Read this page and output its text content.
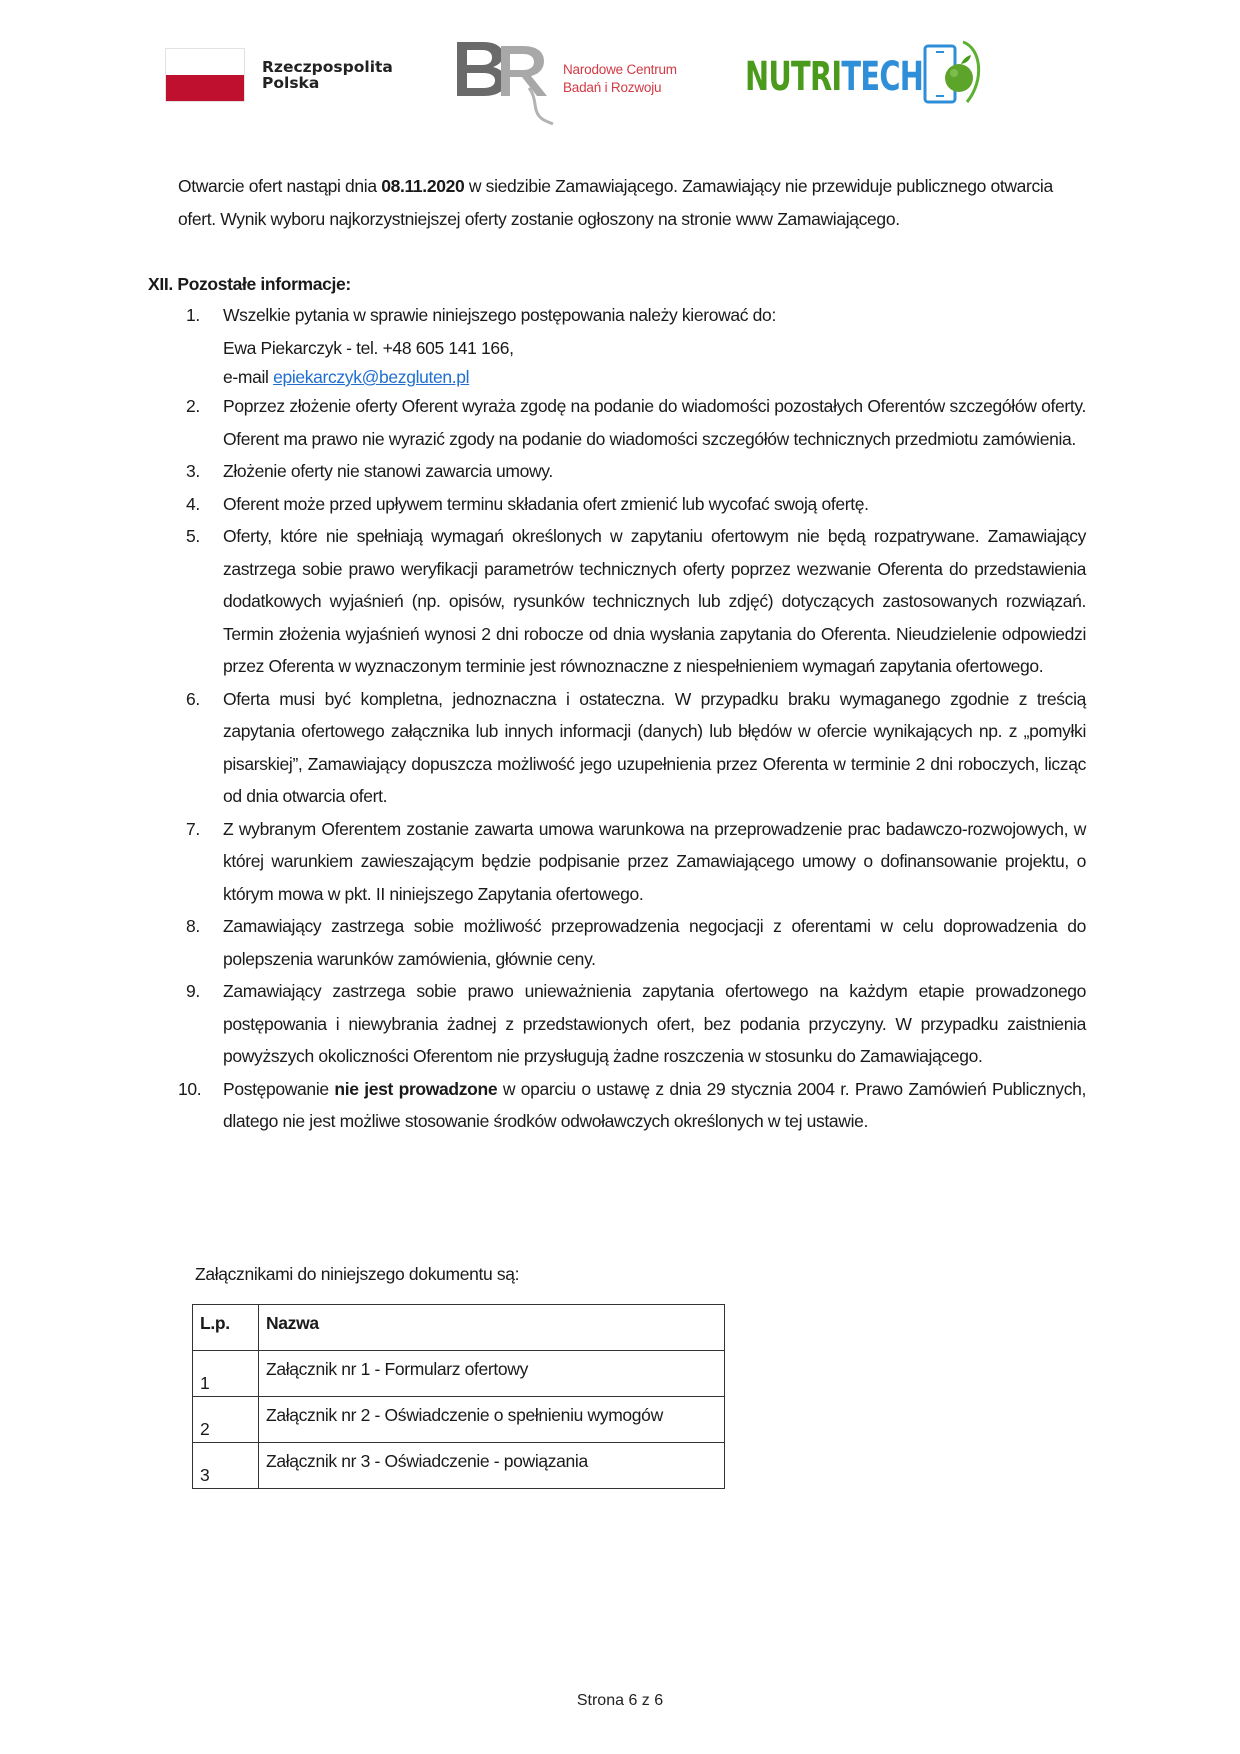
Rzeczpospolita
Polska
Narodowe Centrum
Badań i Rozwoju	NUTRITECH

Otwarcie ofert nastąpi dnia 08.11.2020 w siedzibie Zamawiającego. Zamawiający nie przewiduje publicznego otwarcia ofert. Wynik wyboru najkorzystniejszej oferty zostanie ogłoszony na stronie www Zamawiającego.

XII. Pozostałe informacje:
1. Wszelkie pytania w sprawie niniejszego postępowania należy kierować do:
Ewa Piekarczyk - tel. +48 605 141 166,
e-mail epiekarczyk@bezgluten.pl
2. Poprzez złożenie oferty Oferent wyraża zgodę na podanie do wiadomości pozostałych Oferentów szczegółów oferty. Oferent ma prawo nie wyrazić zgody na podanie do wiadomości szczegółów technicznych przedmiotu zamówienia.
3. Złożenie oferty nie stanowi zawarcia umowy.
4. Oferent może przed upływem terminu składania ofert zmienić lub wycofać swoją ofertę.
5. Oferty, które nie spełniają wymagań określonych w zapytaniu ofertowym nie będą rozpatrywane. Zamawiający zastrzega sobie prawo weryfikacji parametrów technicznych oferty poprzez wezwanie Oferenta do przedstawienia dodatkowych wyjaśnień (np. opisów, rysunków technicznych lub zdjęć) dotyczących zastosowanych rozwiązań. Termin złożenia wyjaśnień wynosi 2 dni robocze od dnia wysłania zapytania do Oferenta. Nieudzielenie odpowiedzi przez Oferenta w wyznaczonym terminie jest równoznaczne z niespełnieniem wymagań zapytania ofertowego.
6. Oferta musi być kompletna, jednoznaczna i ostateczna. W przypadku braku wymaganego zgodnie z treścią zapytania ofertowego załącznika lub innych informacji (danych) lub błędów w ofercie wynikających np. z „pomyłki pisarskiej”, Zamawiający dopuszcza możliwość jego uzupełnienia przez Oferenta w terminie 2 dni roboczych, licząc od dnia otwarcia ofert.
7. Z wybranym Oferentem zostanie zawarta umowa warunkowa na przeprowadzenie prac badawczo-rozwojowych, w której warunkiem zawieszającym będzie podpisanie przez Zamawiającego umowy o dofinansowanie projektu, o którym mowa w pkt. II niniejszego Zapytania ofertowego.
8. Zamawiający zastrzega sobie możliwość przeprowadzenia negocjacji z oferentami w celu doprowadzenia do polepszenia warunków zamówienia, głównie ceny.
9. Zamawiający zastrzega sobie prawo unieważnienia zapytania ofertowego na każdym etapie prowadzonego postępowania i niewybrania żadnej z przedstawionych ofert, bez podania przyczyny. W przypadku zaistnienia powyższych okoliczności Oferentom nie przysługują żadne roszczenia w stosunku do Zamawiającego.
10. Postępowanie nie jest prowadzone w oparciu o ustawę z dnia 29 stycznia 2004 r. Prawo Zamówień Publicznych, dlatego nie jest możliwe stosowanie środków odwoławczych określonych w tej ustawie.
Załącznikami do niniejszego dokumentu są:
L.p.	Nazwa
1	Załącznik nr 1 - Formularz ofertowy
2	Załącznik nr 2 - Oświadczenie o spełnieniu wymogów
3	Załącznik nr 3 - Oświadczenie - powiązania
Strona 6 z 6
